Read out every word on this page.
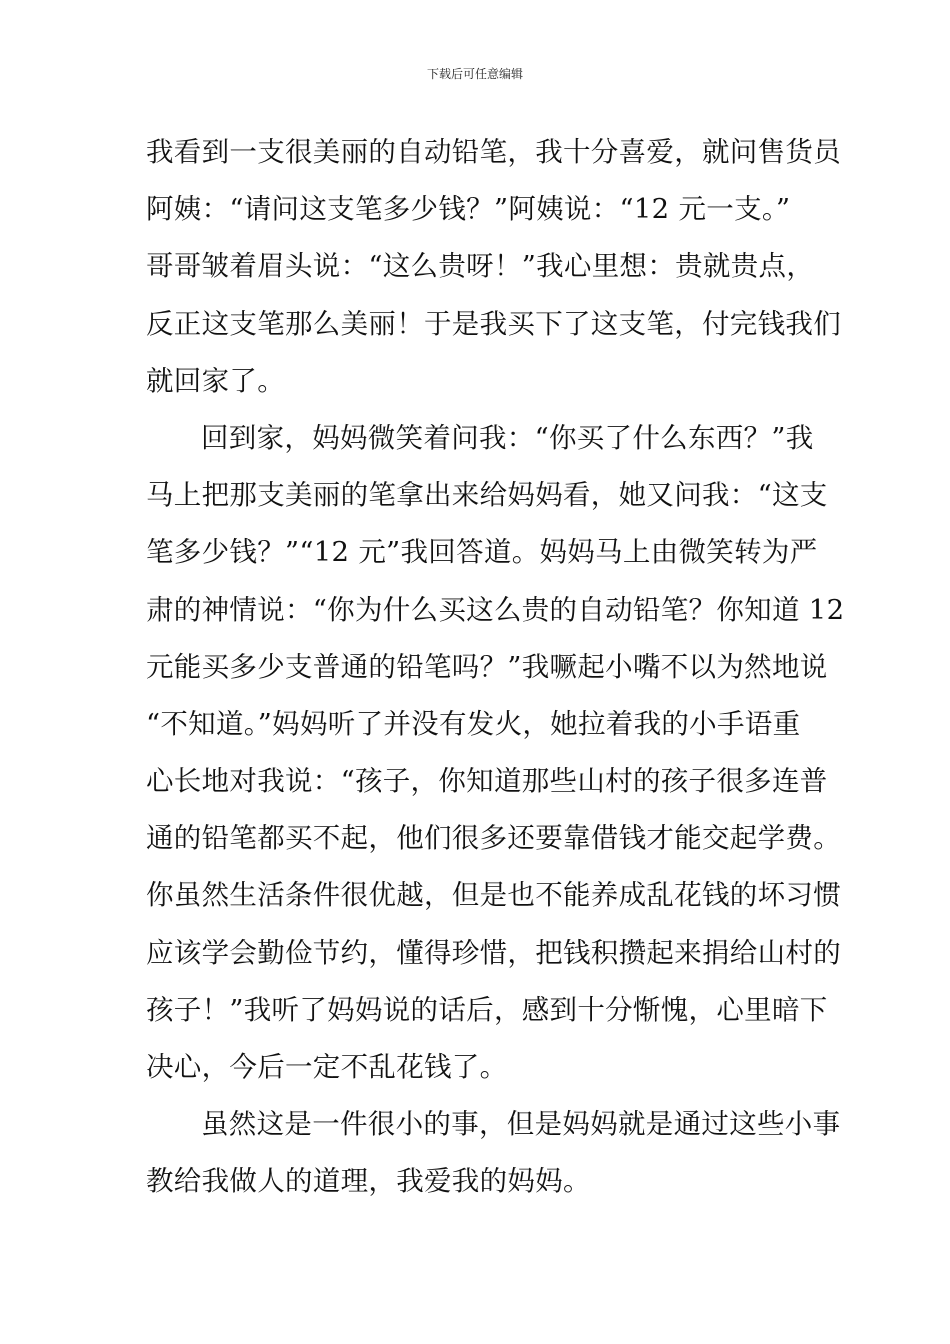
下载后可任意编辑
我看到一支很美丽的自动铅笔，我十分喜爱，就问售货员
阿姨：“请问这支笔多少钱？”阿姨说：“12 元一支。”
哥哥皱着眉头说：“这么贵呀！”我心里想：贵就贵点，
反正这支笔那么美丽！于是我买下了这支笔，付完钱我们
就回家了。
回到家，妈妈微笑着问我：“你买了什么东西？”我
马上把那支美丽的笔拿出来给妈妈看，她又问我：“这支
笔多少钱？”“12 元”我回答道。妈妈马上由微笑转为严
肃的神情说：“你为什么买这么贵的自动铅笔？你知道 12
元能买多少支普通的铅笔吗？”我噘起小嘴不以为然地说
“不知道。”妈妈听了并没有发火，她拉着我的小手语重
心长地对我说：“孩子，你知道那些山村的孩子很多连普
通的铅笔都买不起，他们很多还要靠借钱才能交起学费。
你虽然生活条件很优越，但是也不能养成乱花钱的坏习惯
应该学会勤俭节约，懂得珍惜，把钱积攒起来捐给山村的
孩子！”我听了妈妈说的话后，感到十分惭愧，心里暗下
决心，今后一定不乱花钱了。
虽然这是一件很小的事，但是妈妈就是通过这些小事
教给我做人的道理，我爱我的妈妈。
